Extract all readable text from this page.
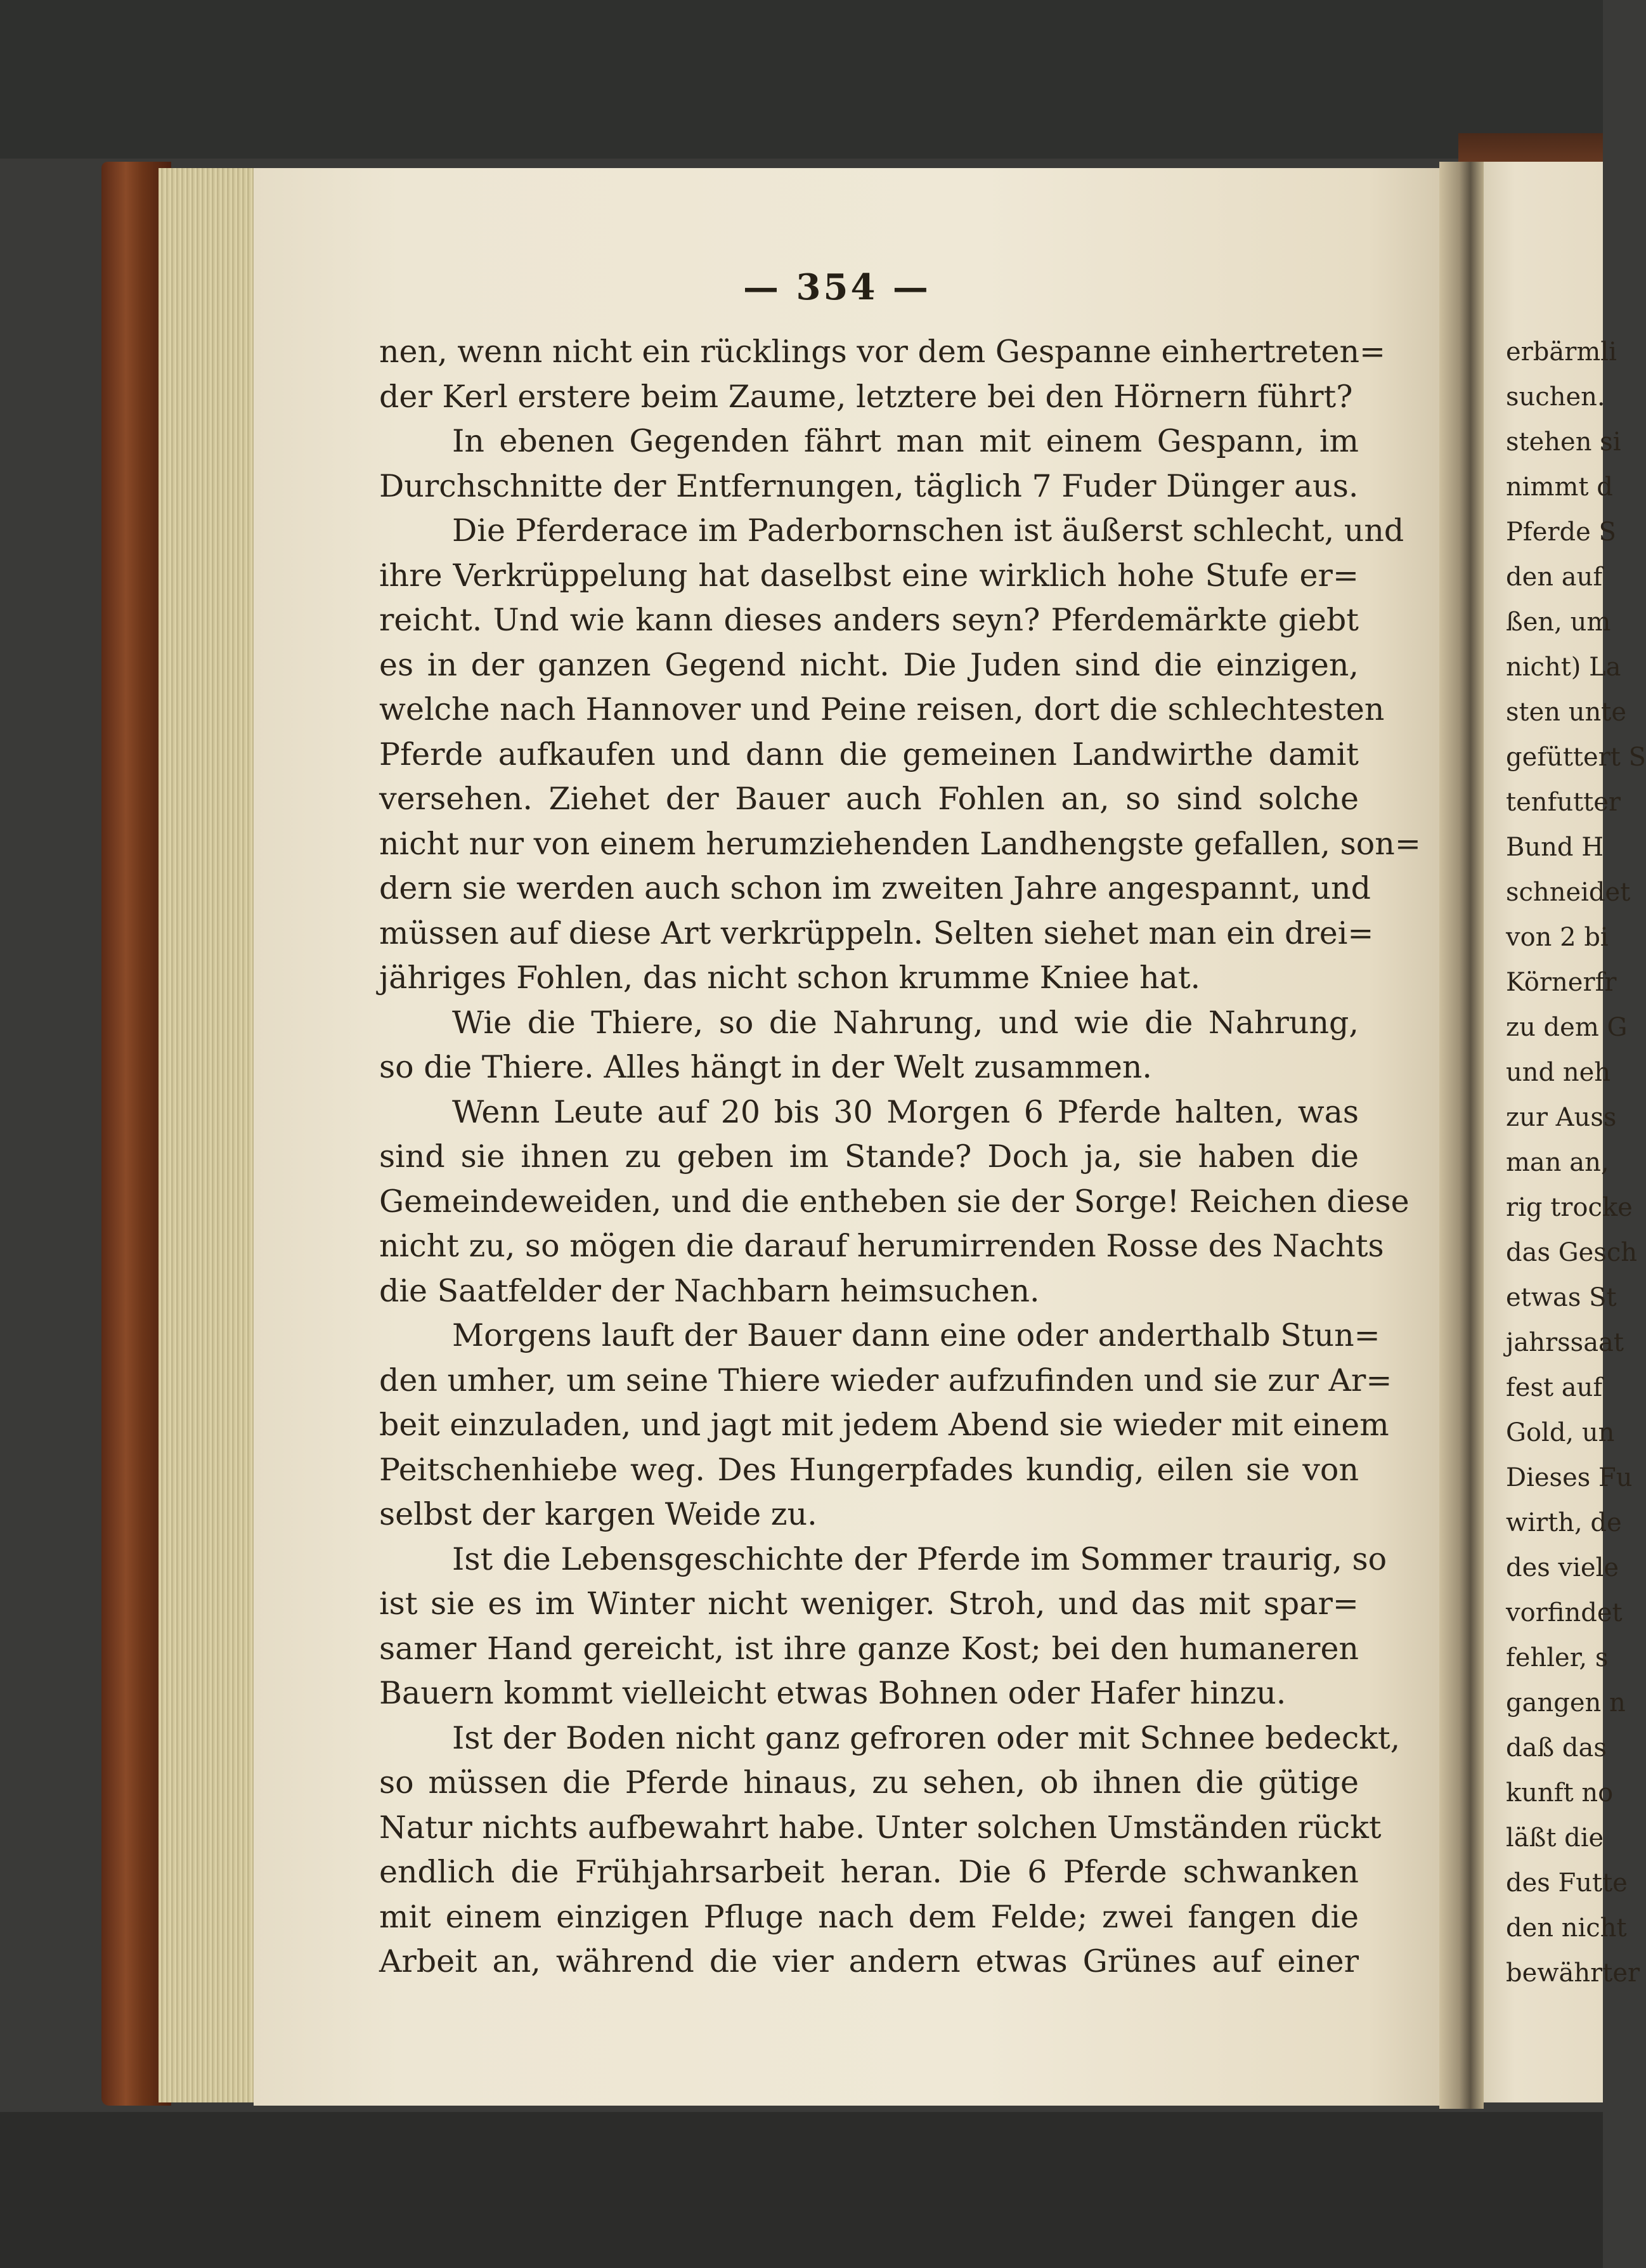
— 354 —
nen, wenn nicht ein rücklings vor dem Gespanne einhertreten=
der Kerl erstere beim Zaume, letztere bei den Hörnern führt?
In ebenen Gegenden fährt man mit einem Gespann, im
Durchschnitte der Entfernungen, täglich 7 Fuder Dünger aus.
Die Pferderace im Paderbornschen ist äußerst schlecht, und
ihre Verkrüppelung hat daselbst eine wirklich hohe Stufe er=
reicht. Und wie kann dieses anders seyn? Pferdemärkte giebt
es in der ganzen Gegend nicht. Die Juden sind die einzigen,
welche nach Hannover und Peine reisen, dort die schlechtesten
Pferde aufkaufen und dann die gemeinen Landwirthe damit
versehen. Ziehet der Bauer auch Fohlen an, so sind solche
nicht nur von einem herumziehenden Landhengste gefallen, son=
dern sie werden auch schon im zweiten Jahre angespannt, und
müssen auf diese Art verkrüppeln. Selten siehet man ein drei=
jähriges Fohlen, das nicht schon krumme Kniee hat.
Wie die Thiere, so die Nahrung, und wie die Nahrung,
so die Thiere. Alles hängt in der Welt zusammen.
Wenn Leute auf 20 bis 30 Morgen 6 Pferde halten, was
sind sie ihnen zu geben im Stande? Doch ja, sie haben die
Gemeindeweiden, und die entheben sie der Sorge! Reichen diese
nicht zu, so mögen die darauf herumirrenden Rosse des Nachts
die Saatfelder der Nachbarn heimsuchen.
Morgens lauft der Bauer dann eine oder anderthalb Stun=
den umher, um seine Thiere wieder aufzufinden und sie zur Ar=
beit einzuladen, und jagt mit jedem Abend sie wieder mit einem
Peitschenhiebe weg. Des Hungerpfades kundig, eilen sie von
selbst der kargen Weide zu.
Ist die Lebensgeschichte der Pferde im Sommer traurig, so
ist sie es im Winter nicht weniger. Stroh, und das mit spar=
samer Hand gereicht, ist ihre ganze Kost; bei den humaneren
Bauern kommt vielleicht etwas Bohnen oder Hafer hinzu.
Ist der Boden nicht ganz gefroren oder mit Schnee bedeckt,
so müssen die Pferde hinaus, zu sehen, ob ihnen die gütige
Natur nichts aufbewahrt habe. Unter solchen Umständen rückt
endlich die Frühjahrsarbeit heran. Die 6 Pferde schwanken
mit einem einzigen Pfluge nach dem Felde; zwei fangen die
Arbeit an, während die vier andern etwas Grünes auf einer
erbärmli
suchen.
stehen si
nimmt d
Pferde S
den auf
ßen, um
nicht) La
sten unte
gefüttert S
tenfutter
Bund H
schneidet
von 2 bi
Körnerfr
zu dem G
und neh
zur Auss
man an,
rig trocke
das Gesch
etwas St
jahrssaat
fest auf
Gold, un
Dieses Fu
wirth, de
des viele
vorfindet
fehler, s
gangen n
daß das
kunft no
läßt die
des Futte
den nicht
bewährter
